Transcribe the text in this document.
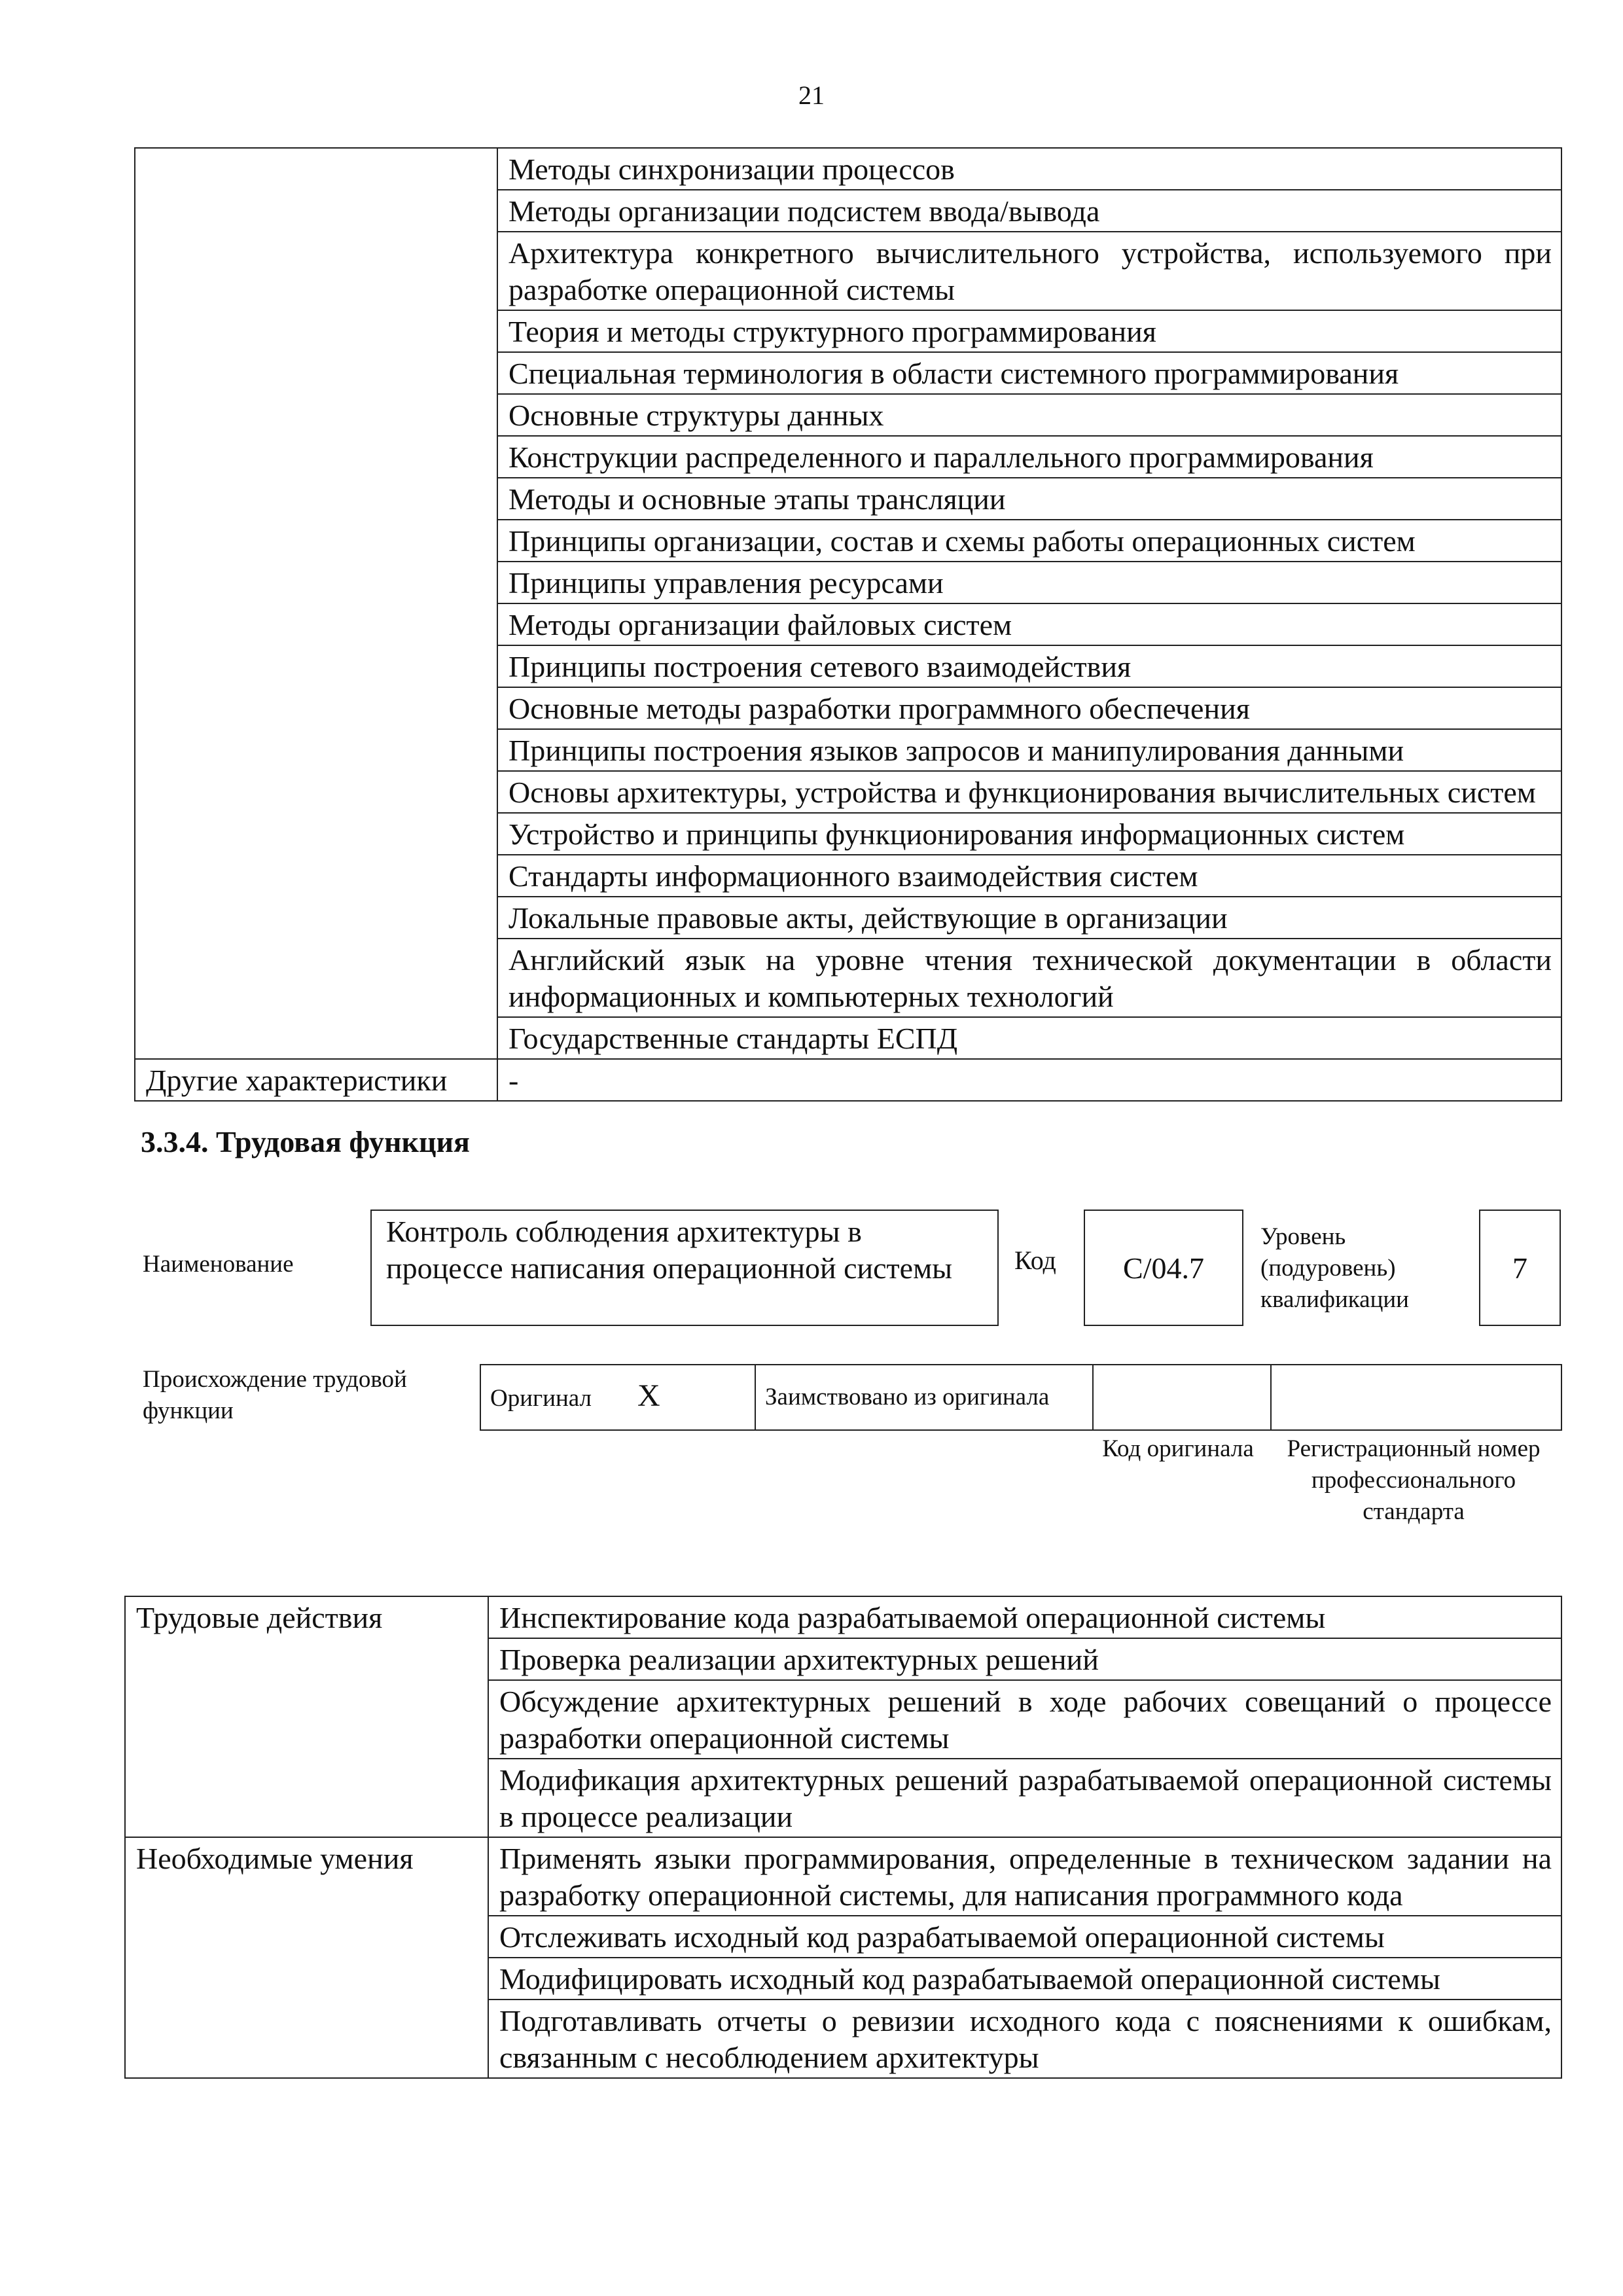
21
	Методы синхронизации процессов
	Методы организации подсистем ввода/вывода
	Архитектура конкретного вычислительного устройства, используемого при разработке операционной системы
	Теория и методы структурного программирования
	Специальная терминология в области системного программирования
	Основные структуры данных
	Конструкции распределенного и параллельного программирования
	Методы и основные этапы трансляции
	Принципы организации, состав и схемы работы операционных систем
	Принципы управления ресурсами
	Методы организации файловых систем
	Принципы построения сетевого взаимодействия
	Основные методы разработки программного обеспечения
	Принципы построения языков запросов и манипулирования данными
	Основы архитектуры, устройства и функционирования вычислительных систем
	Устройство и принципы функционирования информационных систем
	Стандарты информационного взаимодействия систем
	Локальные правовые акты, действующие в организации
	Английский язык на уровне чтения технической документации в области информационных и компьютерных технологий
	Государственные стандарты ЕСПД
Другие характеристики	-
3.3.4. Трудовая функция
Наименование
Контроль соблюдения архитектуры в процессе написания операционной системы	Код C/04.7
Уровень (подуровень) квалификации
7
Происхождение трудовой функции	Оригинал X	Заимствовано из оригинала		
Код оригинала	Регистрационный номер профессионального стандарта
Трудовые действия	Инспектирование кода разрабатываемой операционной системы
	Проверка реализации архитектурных решений
	Обсуждение архитектурных решений в ходе рабочих совещаний о процессе разработки операционной системы
	Модификация архитектурных решений разрабатываемой операционной системы в процессе реализации
Необходимые умения	Применять языки программирования, определенные в техническом задании на разработку операционной системы, для написания программного кода
	Отслеживать исходный код разрабатываемой операционной системы
	Модифицировать исходный код разрабатываемой операционной системы
	Подготавливать отчеты о ревизии исходного кода с пояснениями к ошибкам, связанным с несоблюдением архитектуры
